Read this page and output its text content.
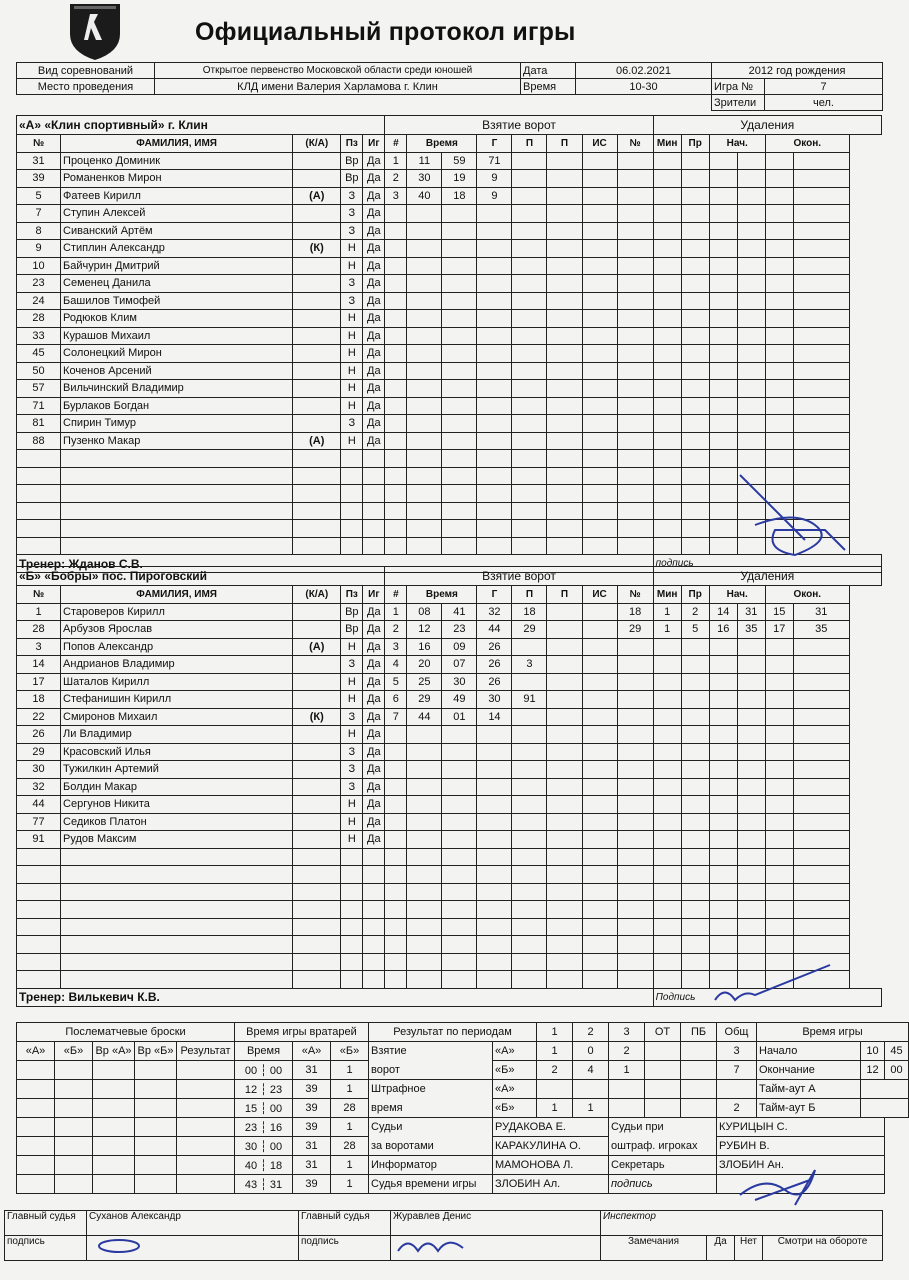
Официальный протокол игры
Вид соревнований	Открытое первенство Московской области среди юношей	Дата	06.02.2021	2012 год рождения	
Место проведения	КЛД имени Валерия Харламова г. Клин	Время	10-30	Игра №	7
				Зрители	чел.
«А» «Клин спортивный» г. Клин					Взятие ворот								Удаления					
№	ФАМИЛИЯ, ИМЯ	(К/А)	Пз	Иг	#	Время		Г	П	П	ИС	№	Мин	Пр	Нач.		Окон.	
31	Проценко Доминик		Вр	Да	1	11	59	71										
39	Романенков Мирон		Вр	Да	2	30	19	9										
5	Фатеев Кирилл	(А)	З	Да	3	40	18	9										
7	Ступин Алексей		З	Да														
8	Сиванский Артём		З	Да														
9	Стиплин Александр	(К)	Н	Да														
10	Байчурин Дмитрий		Н	Да														
23	Семенец Данила		З	Да														
24	Башилов Тимофей		З	Да														
28	Родюков Клим		Н	Да														
33	Курашов Михаил		Н	Да														
45	Солонецкий Мирон		Н	Да														
50	Коченов Арсений		Н	Да														
57	Вильчинский Владимир		Н	Да														
71	Бурлаков Богдан		Н	Да														
81	Спирин Тимур		З	Да														
88	Пузенко Макар	(А)	Н	Да														

Тренер: Жданов С.В.													подпись					
«Б» «Бобры» пос. Пироговский					Взятие ворот								Удаления					
№	ФАМИЛИЯ, ИМЯ	(К/А)	Пз	Иг	#	Время		Г	П	П	ИС	№	Мин	Пр	Нач.		Окон.	
1	Староверов Кирилл		Вр	Да	1	08	41	32	18			18	1	2	14	31	15	31
28	Арбузов Ярослав		Вр	Да	2	12	23	44	29			29	1	5	16	35	17	35
3	Попов Александр	(А)	Н	Да	3	16	09	26										
14	Андрианов Владимир		З	Да	4	20	07	26	3									
17	Шаталов Кирилл		Н	Да	5	25	30	26										
18	Стефанишин Кирилл		Н	Да	6	29	49	30	91									
22	Смиронов Михаил	(К)	З	Да	7	44	01	14										
26	Ли Владимир		Н	Да														
29	Красовский Илья		З	Да														
30	Тужилкин Артемий		З	Да														
32	Болдин Макар		З	Да														
44	Сергунов Никита		Н	Да														
77	Седиков Платон		Н	Да														
91	Рудов Максим		Н	Да														

Тренер: Вилькевич К.В.													Подпись					
Послематчевые броски					Время игры вратарей			Результат по периодам		1	2	3	ОТ	ПБ	Общ	Время игры		
«А»	«Б»	Вр «А»	Вр «Б»	Результат	Время	«А»	«Б»	Взятие	«А»	1	0	2			3	Начало	10	45
					00 ┆ 00	31	1	ворот	«Б»	2	4	1			7	Окончание	12	00
					12 ┆ 23	39	1	Штрафное	«А»							Тайм-аут А		
					15 ┆ 00	39	28	время	«Б»	1	1				2	Тайм-аут Б		
					23 ┆ 16	39	1	Судьи	РУДАКОВА Е.			Судьи при			КУРИЦЫН С.			
					30 ┆ 00	31	28	за воротами	КАРАКУЛИНА О.			оштраф. игроках			РУБИН В.			
					40 ┆ 18	31	1	Информатор	МАМОНОВА Л.			Секретарь			ЗЛОБИН Ан.			
					43 ┆ 31	39	1	Судья времени игры	ЗЛОБИН Ал.			подпись						
Главный судья	Суханов Александр	Главный судья	Журавлев Денис	Инспектор			
подпись		подпись		Замечания	Да	Нет	Смотри на обороте
